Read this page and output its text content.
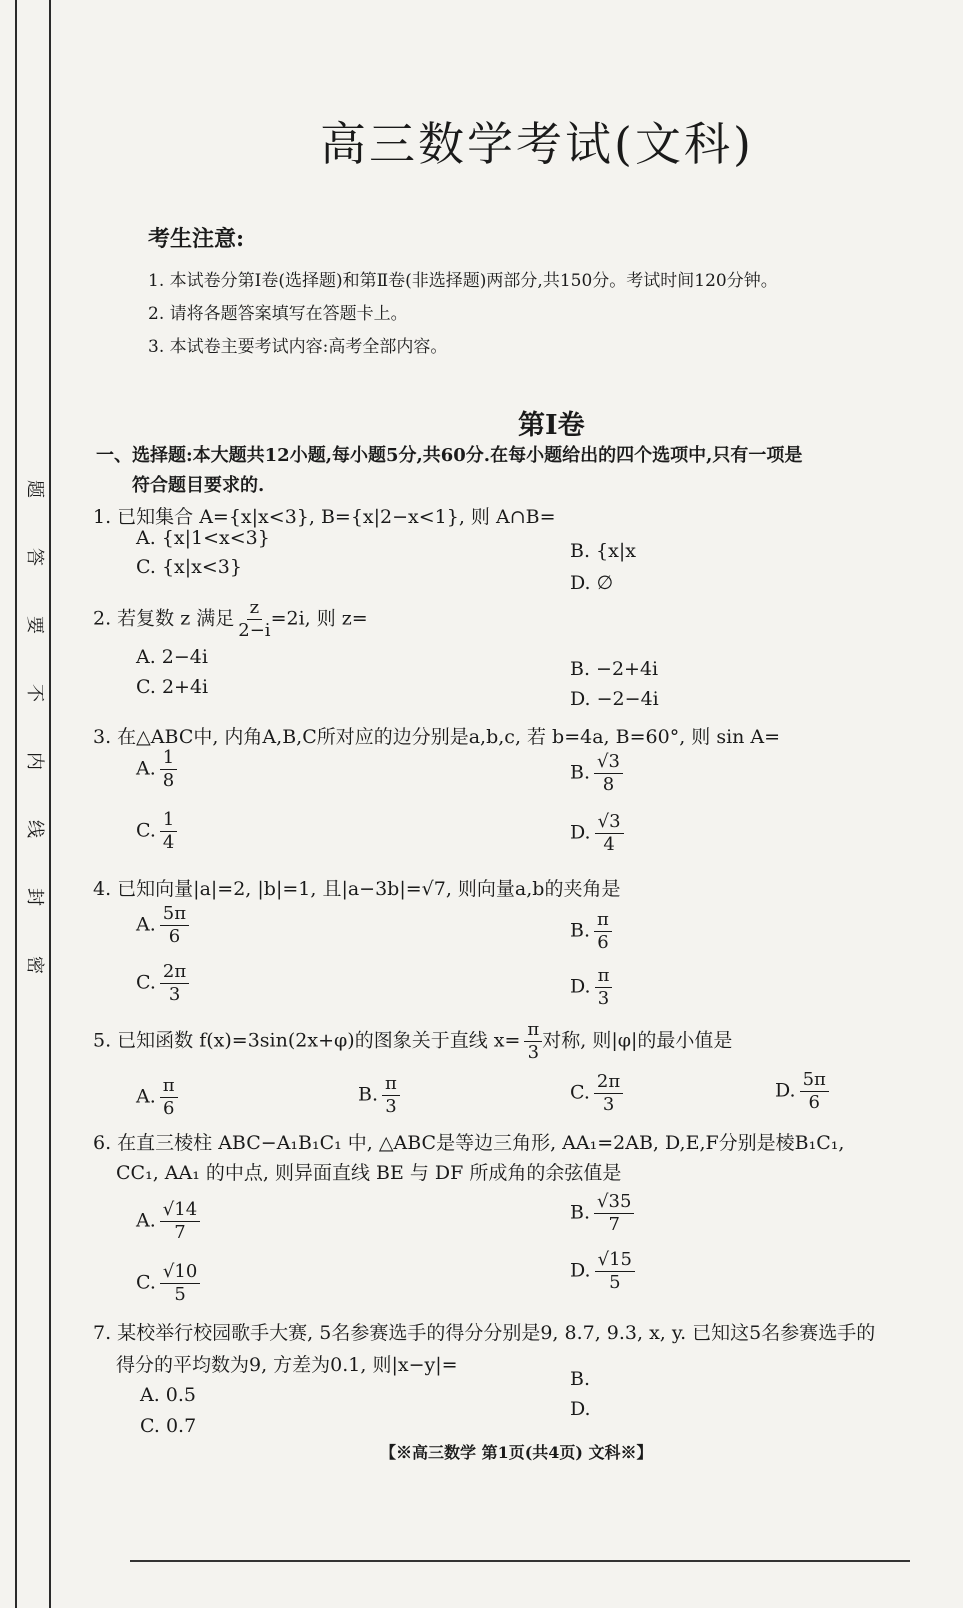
题
答
要
不
内
线
封
密
高三数学考试(文科)
考生注意:
1. 本试卷分第Ⅰ卷(选择题)和第Ⅱ卷(非选择题)两部分,共150分。考试时间120分钟。
2. 请将各题答案填写在答题卡上。
3. 本试卷主要考试内容:高考全部内容。
第Ⅰ卷
一、选择题:本大题共12小题,每小题5分,共60分.在每小题给出的四个选项中,只有一项是
符合题目要求的.
1. 已知集合 A={x|x<3}, B={x|2−x<1}, 则 A∩B=
A. {x|1<x<3}
B. {x|x
C. {x|x<3}
D. ∅
2. 若复数 z 满足 $\frac{z}{2-i} =2i$, 则 z=
A. 2−4i
B. −2+4i
C. 2+4i
D. −2−4i
3. 在△ABC中, 内角A,B,C所对应的边分别是a,b,c, 若 b=4a, B=60°, 则 sin A=
A. $\frac{1}{8}$	B. $\frac{√3}{8}$
C. $\frac{1}{4}$	D. $\frac{√3}{4}$
4. 已知向量|a|=2, |b|=1, 且|a−3b|=√7, 则向量a,b的夹角是
A. $\frac{5\pi}{6}$	B. $\frac{\pi}{6}$
C. $\frac{2\pi}{3}$	D. $\frac{\pi}{3}$
5. 已知函数 f(x)=3sin(2x+φ)的图象关于直线 $x= \frac{\pi}{3}$ 对称, 则|φ|的最小值是
A. $\frac{\pi}{6}$	B. $\frac{\pi}{3}$	C. $\frac{2\pi}{3}$	D. $\frac{5\pi}{6}$
6. 在直三棱柱 ABC−A₁B₁C₁ 中, △ABC是等边三角形, AA₁=2AB, D,E,F分别是棱B₁C₁,
CC₁, AA₁ 的中点, 则异面直线 BE 与 DF 所成角的余弦值是
A. $\frac{√14}{7}$	B. $\frac{√35}{7}$
C. $\frac{√10}{5}$	D. $\frac{√15}{5}$
7. 某校举行校园歌手大赛, 5名参赛选手的得分分别是9, 8.7, 9.3, x, y. 已知这5名参赛选手的
得分的平均数为9, 方差为0.1, 则|x−y|=
A. 0.5
B.
C. 0.7
D.
【※高三数学 第1页(共4页) 文科※】
